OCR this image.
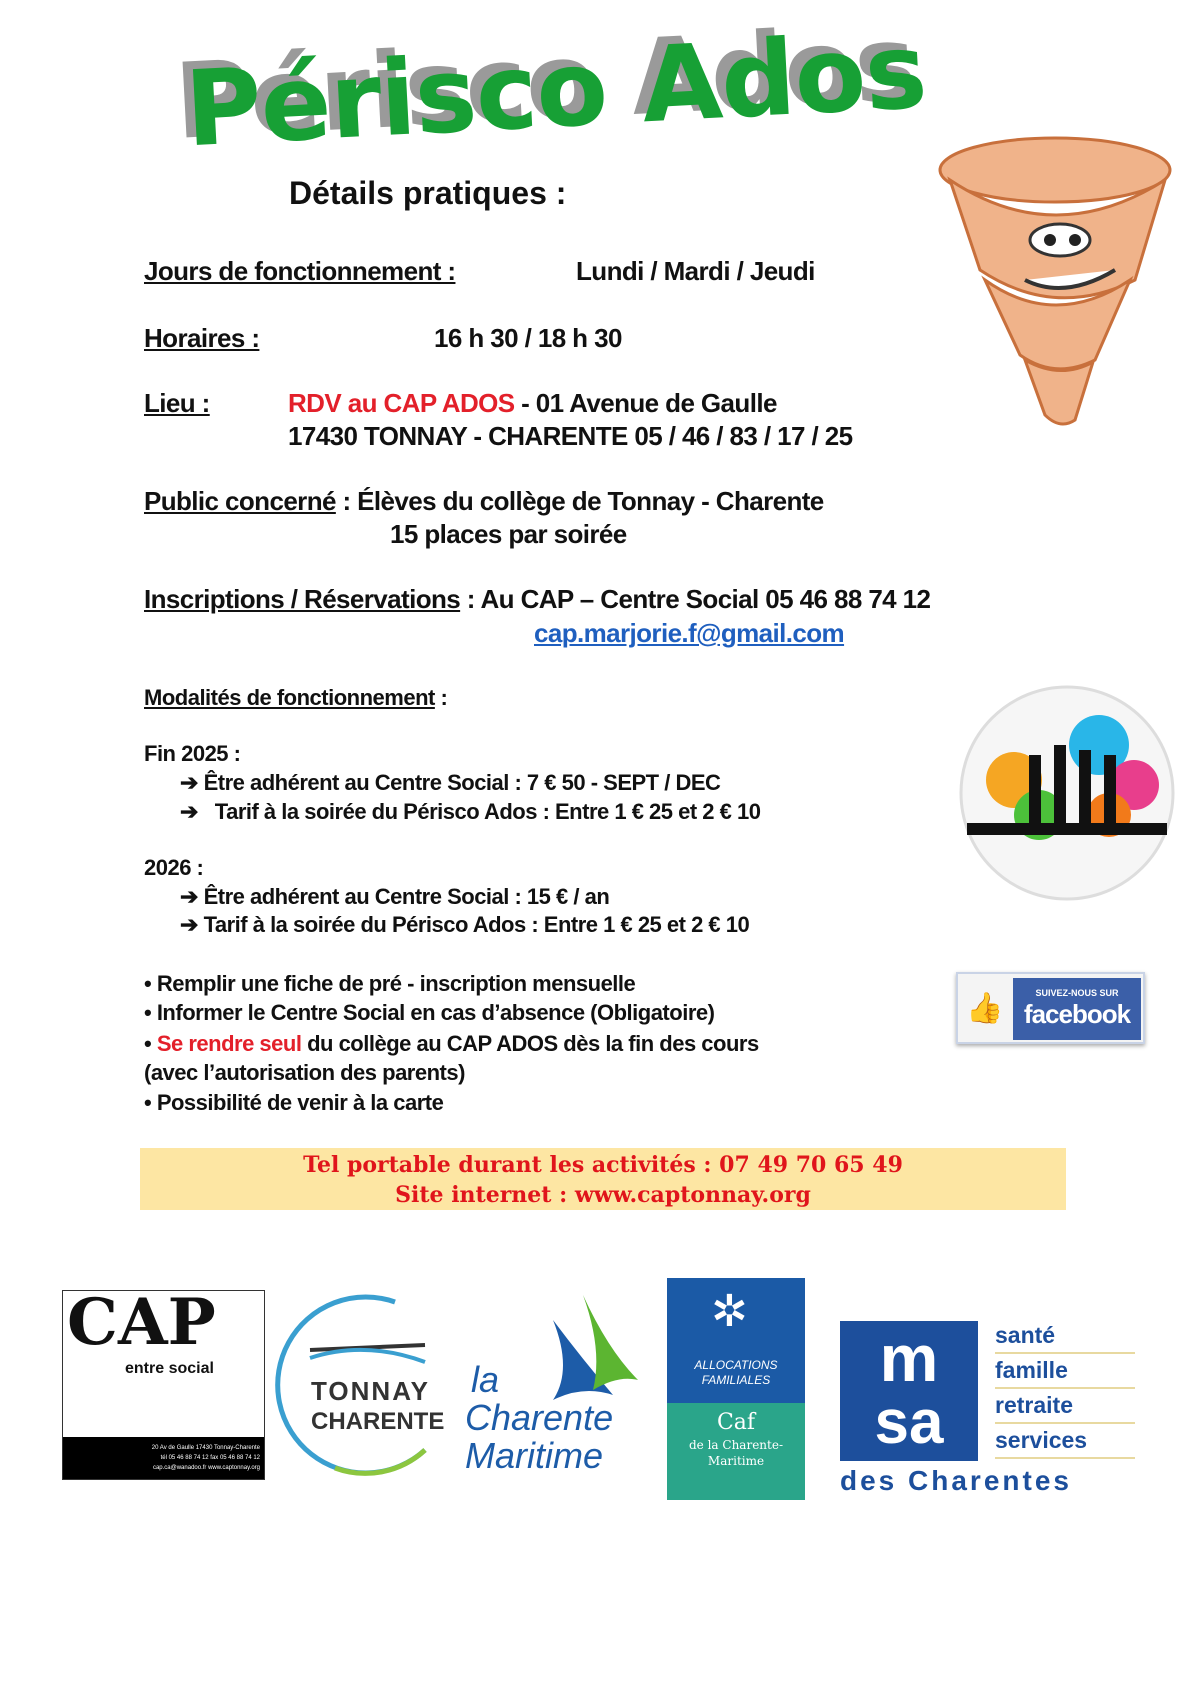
Périsco Ados
Détails pratiques :
Jours de fonctionnement :	Lundi / Mardi / Jeudi
Horaires :	16 h 30 / 18 h 30
Lieu :	RDV au CAP ADOS - 01 Avenue de Gaulle
17430 TONNAY - CHARENTE 05 / 46 / 83 / 17 / 25
Public concerné : Élèves du collège de Tonnay - Charente
15 places par soirée
Inscriptions / Réservations : Au CAP – Centre Social 05 46 88 74 12
cap.marjorie.f@gmail.com
Modalités de fonctionnement :
Fin 2025 :
➔ Être adhérent au Centre Social : 7 € 50 - SEPT / DEC
➔ Tarif à la soirée du Périsco Ados : Entre 1 € 25 et 2 € 10
2026 :
➔ Être adhérent au Centre Social : 15 € / an
➔ Tarif à la soirée du Périsco Ados : Entre 1 € 25 et 2 € 10
• Remplir une fiche de pré - inscription mensuelle
• Informer le Centre Social en cas d’absence (Obligatoire)
• Se rendre seul du collège au CAP ADOS dès la fin des cours
(avec l’autorisation des parents)
• Possibilité de venir à la carte
👍	SUIVEZ-NOUS SUR
facebook
Tel portable durant les activités : 07 49 70 65 49
Site internet : www.captonnay.org
CAP
entre social
20 Av de Gaulle 17430 Tonnay-Charente
tél 05 46 88 74 12 fax 05 46 88 74 12
cap.ca@wanadoo.fr www.captonnay.org
TONNAY
CHARENTE
la
Charente
Maritime
ALLOCATIONS
FAMILIALES
Caf
de la Charente-
Maritime
✲
m
sa
santé
famille
retraite
services
des Charentes
